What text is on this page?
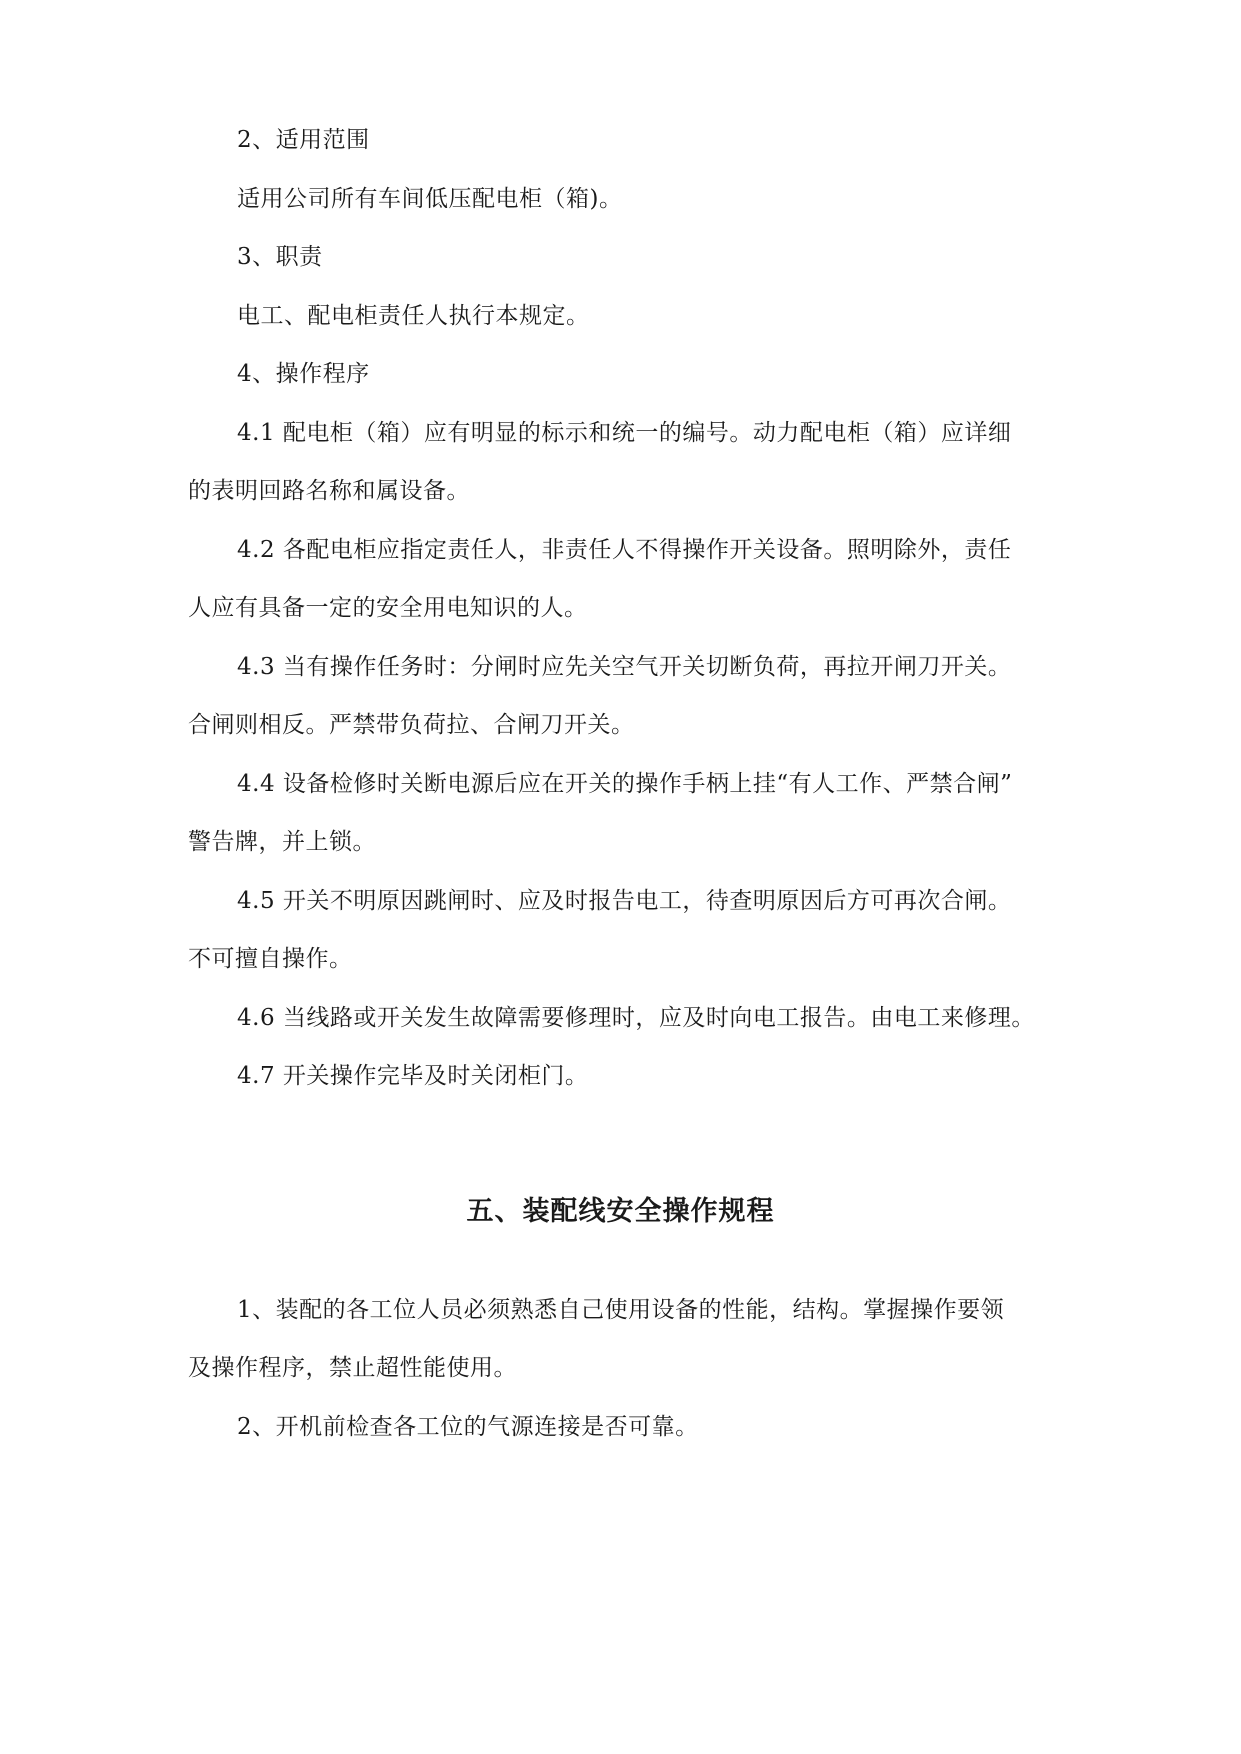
2、适用范围
适用公司所有车间低压配电柜（箱)。
3、职责
电工、配电柜责任人执行本规定。
4、操作程序
4.1 配电柜（箱）应有明显的标示和统一的编号。动力配电柜（箱）应详细
的表明回路名称和属设备。
4.2 各配电柜应指定责任人，非责任人不得操作开关设备。照明除外，责任
人应有具备一定的安全用电知识的人。
4.3 当有操作任务时：分闸时应先关空气开关切断负荷，再拉开闸刀开关。
合闸则相反。严禁带负荷拉、合闸刀开关。
4.4 设备检修时关断电源后应在开关的操作手柄上挂“有人工作、严禁合闸”
警告牌，并上锁。
4.5 开关不明原因跳闸时、应及时报告电工，待查明原因后方可再次合闸。
不可擅自操作。
4.6 当线路或开关发生故障需要修理时，应及时向电工报告。由电工来修理。
4.7 开关操作完毕及时关闭柜门。
五、装配线安全操作规程
1、装配的各工位人员必须熟悉自己使用设备的性能，结构。掌握操作要领
及操作程序，禁止超性能使用。
2、开机前检查各工位的气源连接是否可靠。
